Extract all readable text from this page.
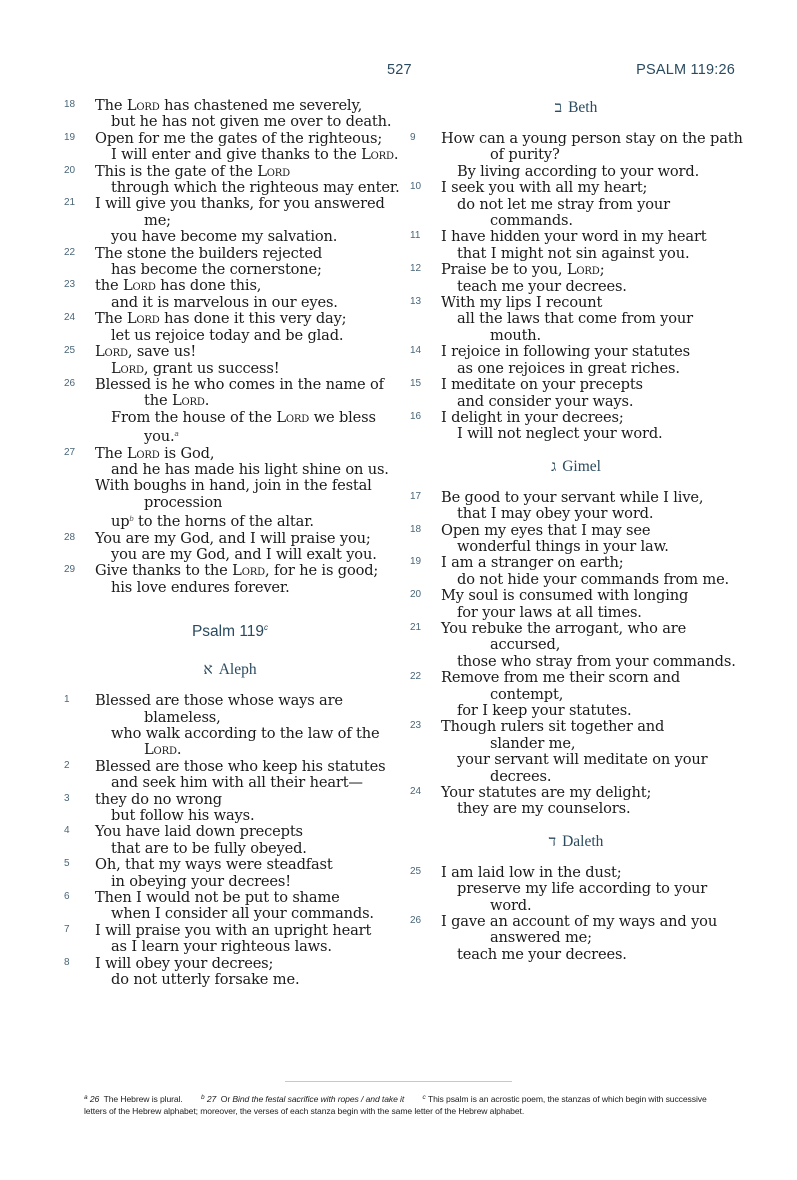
527	PSALM 119:26
18	The Lord has chastened me severely,
but he has not given me over to death.
19	Open for me the gates of the righteous;
I will enter and give thanks to the Lord.
20	This is the gate of the Lord
through which the righteous may enter.
21	I will give you thanks, for you answered
me;
you have become my salvation.
22	The stone the builders rejected
has become the cornerstone;
23	the Lord has done this,
and it is marvelous in our eyes.
24	The Lord has done it this very day;
let us rejoice today and be glad.
25	Lord, save us!
Lord, grant us success!
26	Blessed is he who comes in the name of
the Lord.
From the house of the Lord we bless
you.$^a$
27	The Lord is God,
and he has made his light shine on us.
With boughs in hand, join in the festal
procession
up$^b$ to the horns of the altar.
28	You are my God, and I will praise you;
you are my God, and I will exalt you.
29	Give thanks to the Lord, for he is good;
his love endures forever.
Psalm 119$^c$
א Aleph
1	Blessed are those whose ways are
blameless,
who walk according to the law of the
Lord.
2	Blessed are those who keep his statutes
and seek him with all their heart—
3	they do no wrong
but follow his ways.
4	You have laid down precepts
that are to be fully obeyed.
5	Oh, that my ways were steadfast
in obeying your decrees!
6	Then I would not be put to shame
when I consider all your commands.
7	I will praise you with an upright heart
as I learn your righteous laws.
8	I will obey your decrees;
do not utterly forsake me.
ב Beth
9	How can a young person stay on the path
of purity?
By living according to your word.
10	I seek you with all my heart;
do not let me stray from your
commands.
11	I have hidden your word in my heart
that I might not sin against you.
12	Praise be to you, Lord;
teach me your decrees.
13	With my lips I recount
all the laws that come from your
mouth.
14	I rejoice in following your statutes
as one rejoices in great riches.
15	I meditate on your precepts
and consider your ways.
16	I delight in your decrees;
I will not neglect your word.
ג Gimel
17	Be good to your servant while I live,
that I may obey your word.
18	Open my eyes that I may see
wonderful things in your law.
19	I am a stranger on earth;
do not hide your commands from me.
20	My soul is consumed with longing
for your laws at all times.
21	You rebuke the arrogant, who are
accursed,
those who stray from your commands.
22	Remove from me their scorn and
contempt,
for I keep your statutes.
23	Though rulers sit together and
slander me,
your servant will meditate on your
decrees.
24	Your statutes are my delight;
they are my counselors.
ד Daleth
25	I am laid low in the dust;
preserve my life according to your
word.
26	I gave an account of my ways and you
answered me;
teach me your decrees.
$^a$ 26 The Hebrew is plural.	$^b$ 27 Or Bind the festal sacrifice with ropes / and take it	$^c$ This psalm is an acrostic poem, the stanzas of which begin with successive letters of the Hebrew alphabet; moreover, the verses of each stanza begin with the same letter of the Hebrew alphabet.
